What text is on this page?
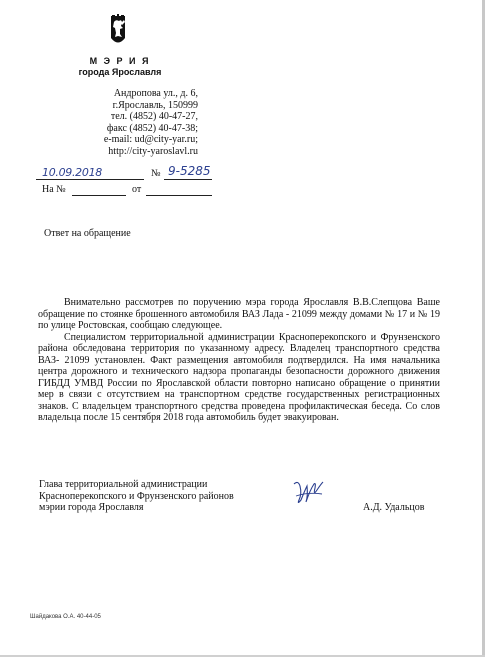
М Э Р И Я
города Ярославля
Андропова ул., д. 6,
г.Ярославль, 150999
тел. (4852) 40-47-27,
факс (4852) 40-47-38;
e-mail: ud@city-yar.ru;
http://city-yaroslavl.ru
10.09.2018	№ 9-5285
На №	от
Ответ на обращение

Внимательно рассмотрев по поручению мэра города Ярославля В.В.Слепцова Ваше обращение по стоянке брошенного автомобиля ВАЗ Лада - 21099 между домами № 17 и № 19 по улице Ростовская, сообщаю следующее.

Специалистом территориальной администрации Красноперекопского и Фрунзенского района обследована территория по указанному адресу. Владелец транспортного средства ВАЗ- 21099 установлен. Факт размещения автомобиля подтвердился. На имя начальника центра дорожного и технического надзора пропаганды безопасности дорожного движения ГИБДД УМВД России по Ярославской области повторно написано обращение о принятии мер в связи с отсутствием на транспортном средстве государственных регистрационных знаков. С владельцем транспортного средства проведена профилактическая беседа. Со слов владельца после 15 сентября 2018 года автомобиль будет эвакуирован.

Глава территориальной администрации
Красноперекопского и Фрунзенского районов
мэрии города Ярославля	А.Д. Удальцов
Шайдакова О.А. 40-44-05
